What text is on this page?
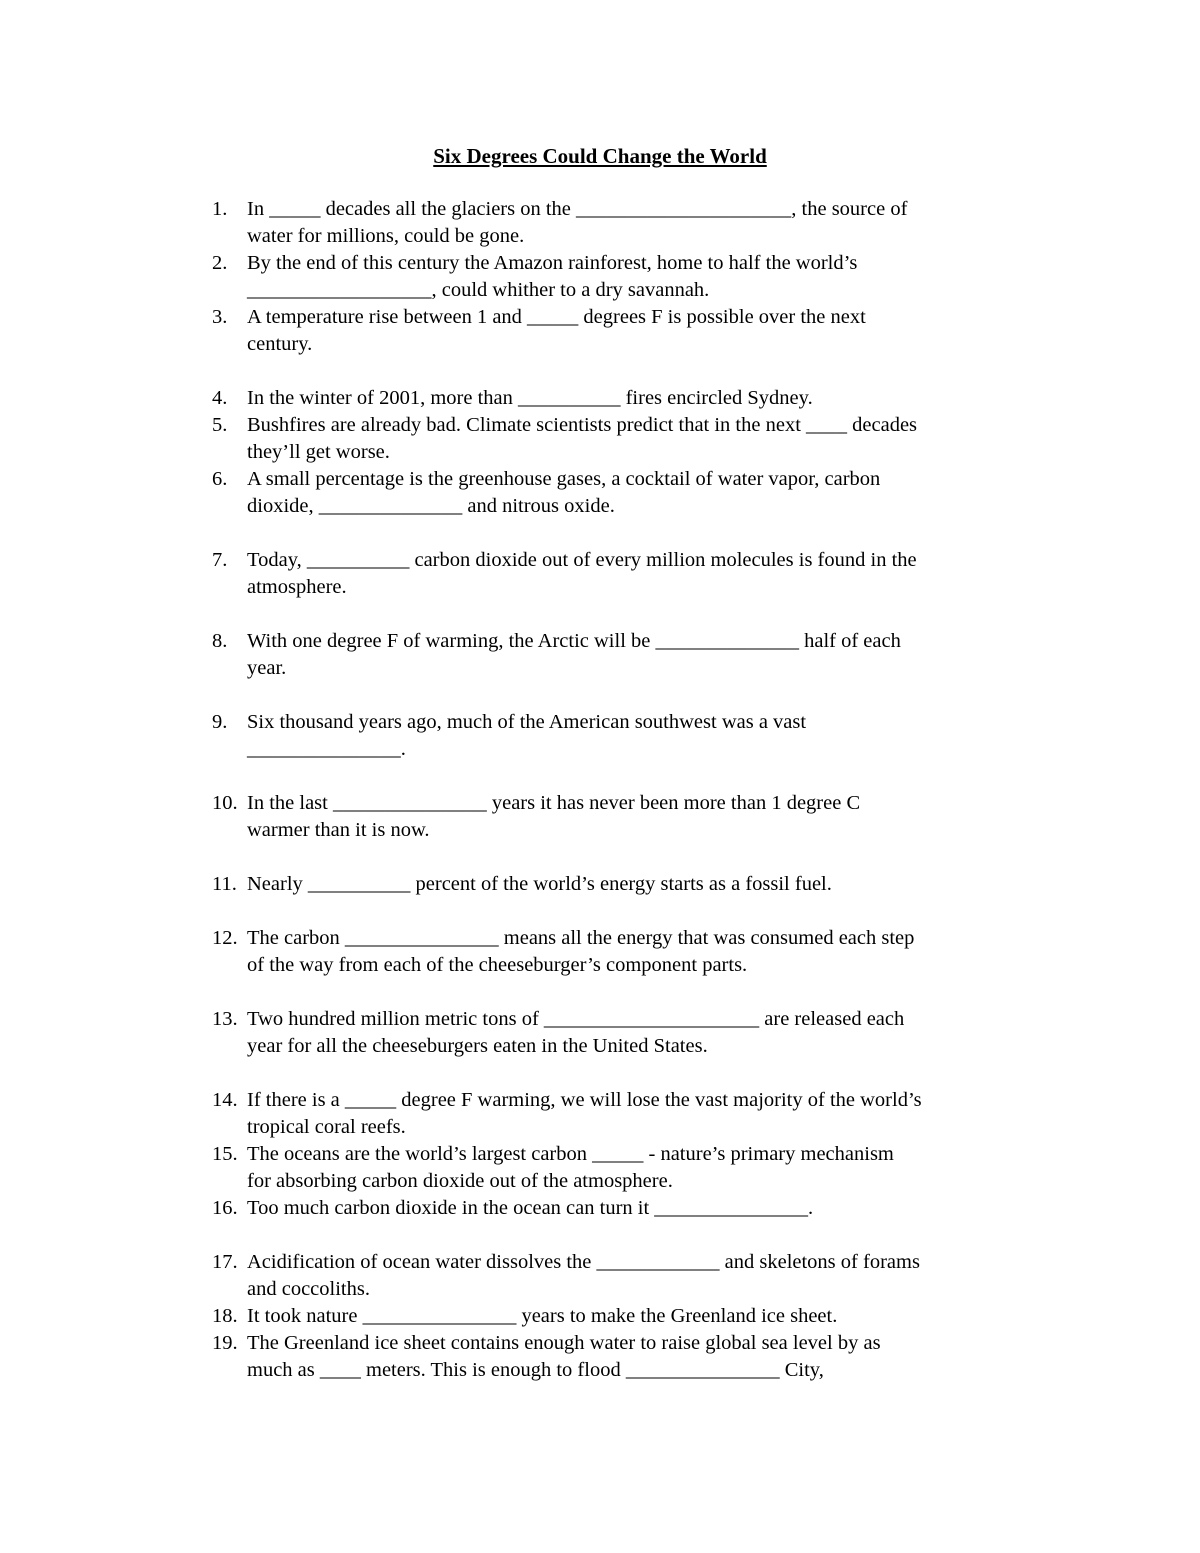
Six Degrees Could Change the World
1. In _____ decades all the glaciers on the _____________________, the source of
water for millions, could be gone.
2. By the end of this century the Amazon rainforest, home to half the world’s
__________________, could whither to a dry savannah.
3. A temperature rise between 1 and _____ degrees F is possible over the next
century.
4. In the winter of 2001, more than __________ fires encircled Sydney.
5. Bushfires are already bad. Climate scientists predict that in the next ____ decades
they’ll get worse.
6. A small percentage is the greenhouse gases, a cocktail of water vapor, carbon
dioxide, ______________ and nitrous oxide.
7. Today, __________ carbon dioxide out of every million molecules is found in the
atmosphere.
8. With one degree F of warming, the Arctic will be ______________ half of each
year.
9. Six thousand years ago, much of the American southwest was a vast
_______________.
10. In the last _______________ years it has never been more than 1 degree C
warmer than it is now.
11. Nearly __________ percent of the world’s energy starts as a fossil fuel.
12. The carbon _______________ means all the energy that was consumed each step
of the way from each of the cheeseburger’s component parts.
13. Two hundred million metric tons of _____________________ are released each
year for all the cheeseburgers eaten in the United States.
14. If there is a _____ degree F warming, we will lose the vast majority of the world’s
tropical coral reefs.
15. The oceans are the world’s largest carbon _____ - nature’s primary mechanism
for absorbing carbon dioxide out of the atmosphere.
16. Too much carbon dioxide in the ocean can turn it _______________.
17. Acidification of ocean water dissolves the ____________ and skeletons of forams
and coccoliths.
18. It took nature _______________ years to make the Greenland ice sheet.
19. The Greenland ice sheet contains enough water to raise global sea level by as
much as ____ meters. This is enough to flood _______________ City,
